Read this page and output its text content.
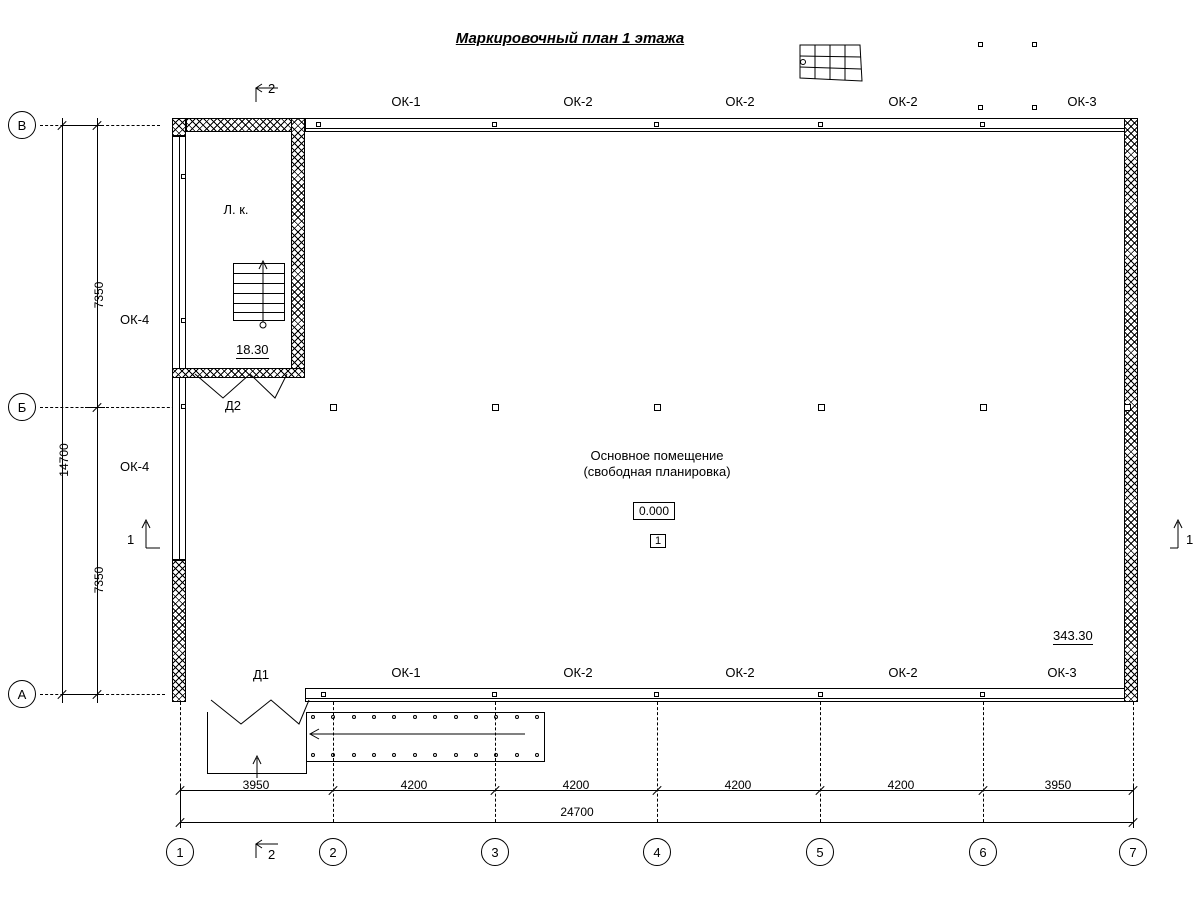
Маркировочный план 1 этажа
В
Б
А
7350
14700
7350
ОК-1	ОК-2	ОК-2	ОК-2	ОК-3
ОК-1	ОК-2	ОК-2	ОК-2	ОК-3
ОК-4
ОК-4
Л. к.
18.30
Д2
Основное помещение
(свободная планировка)
0.000
1
343.30
2
2
1	1
Д1
3950	4200	4200	4200	4200	3950
24700
1	2	3	4	5	6	7
